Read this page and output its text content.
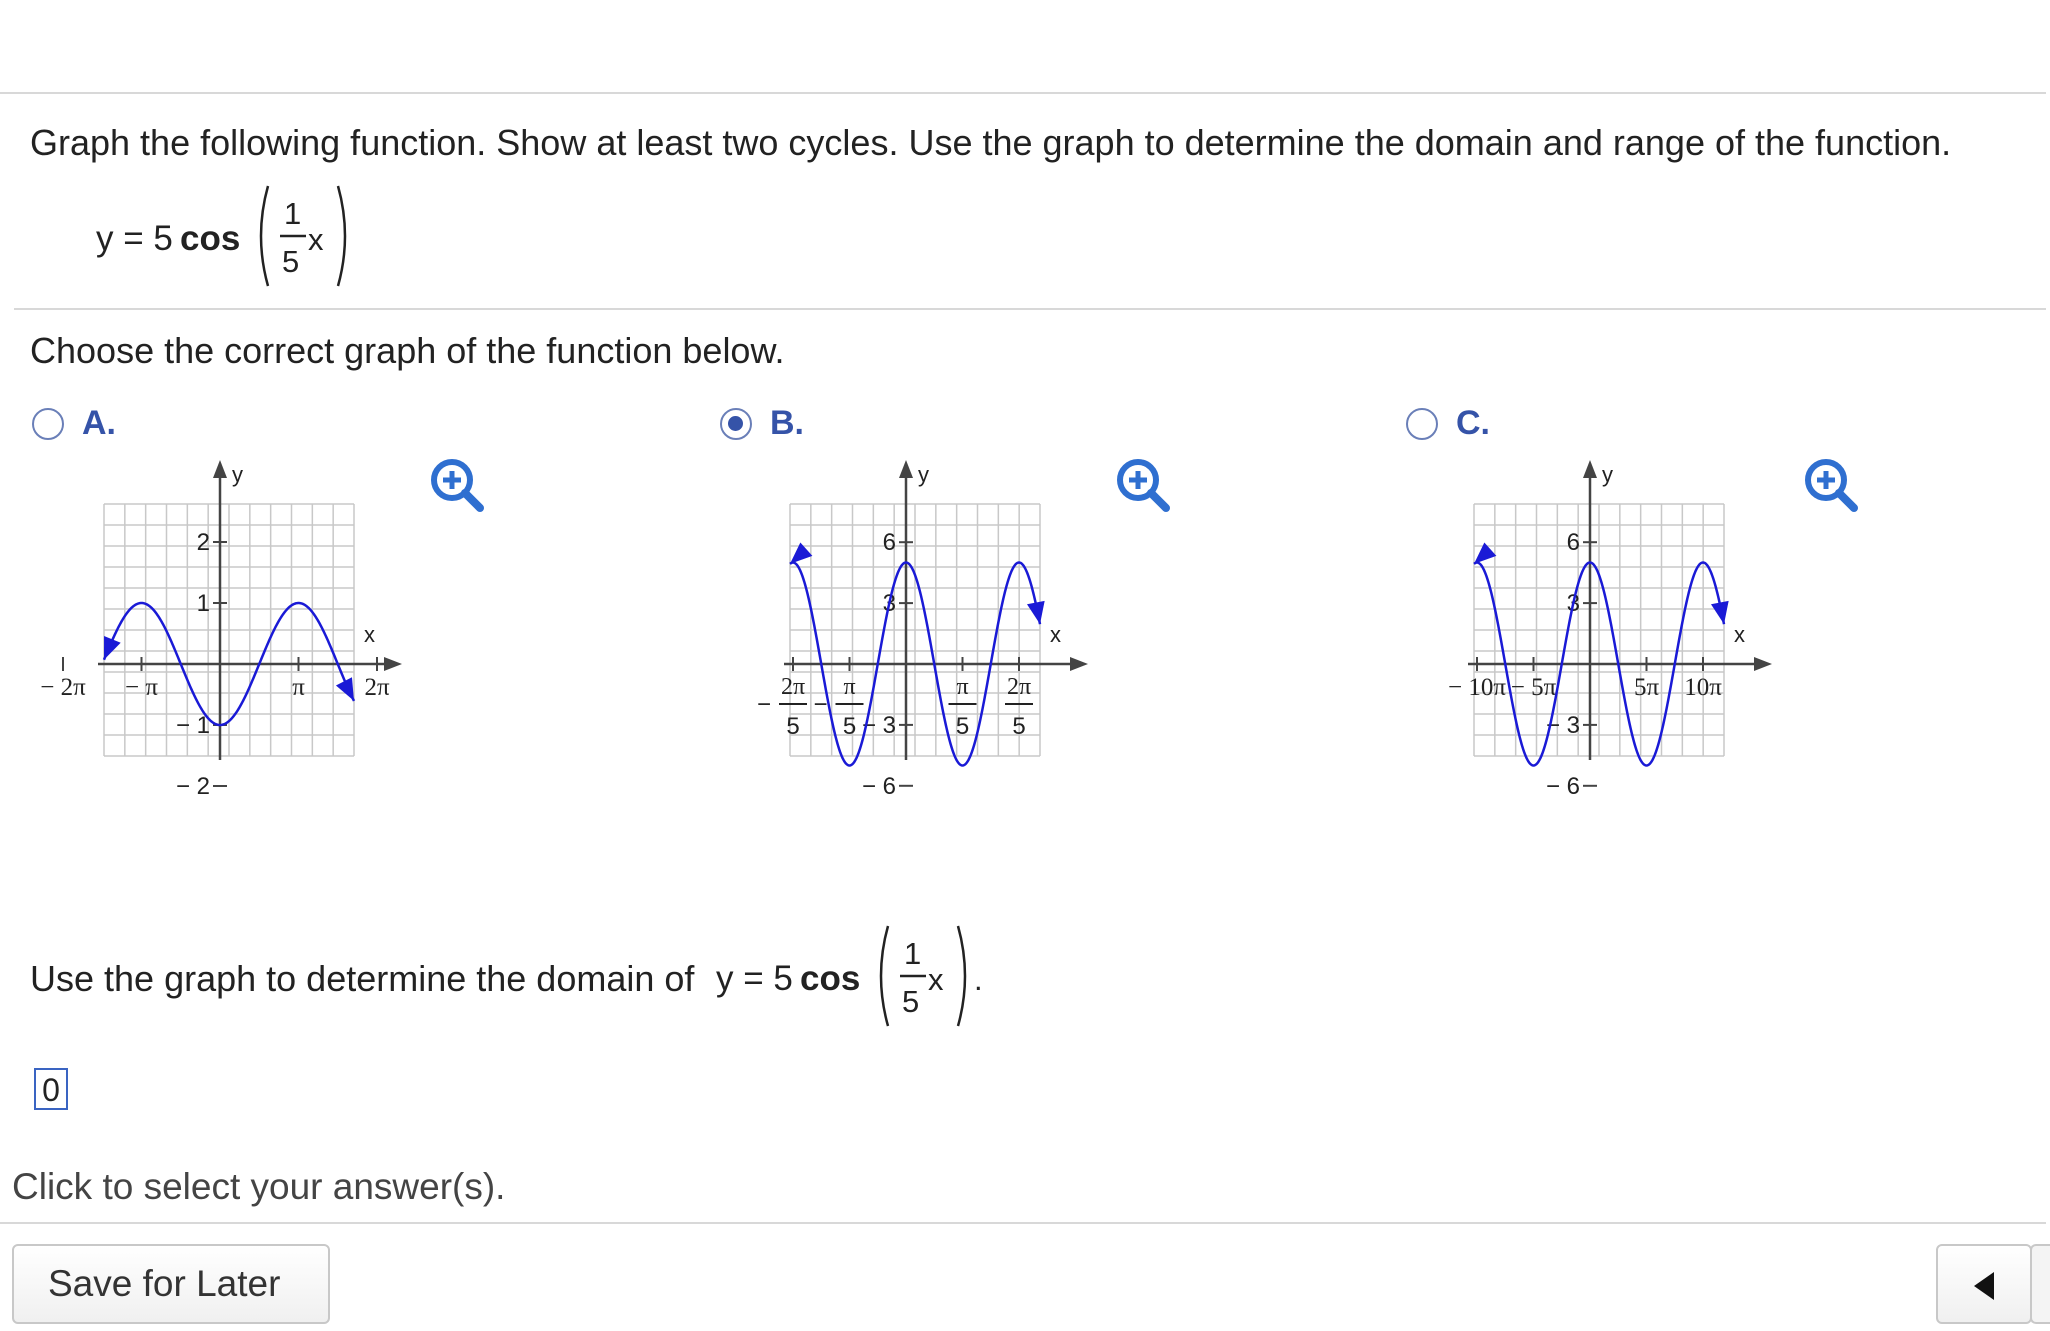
Graph the following function. Show at least two cycles. Use the graph to determine the domain and range of the function.
y = 5 cos
1
5
x
Choose the correct graph of the function below.
A.	B.	C.
x
y
2
1
− 1
− 2
− 2π − π	π 2π
x
y
6
3
− 3
− 6
2π
5
−
π
5
−
π
5
2π
5
x
y
6
3
− 3
− 6
− 10π − 5π	5π 10π
Use the graph to determine the domain of y = 5 cos
1
5
x .
0
Click to select your answer(s).
Save for Later
